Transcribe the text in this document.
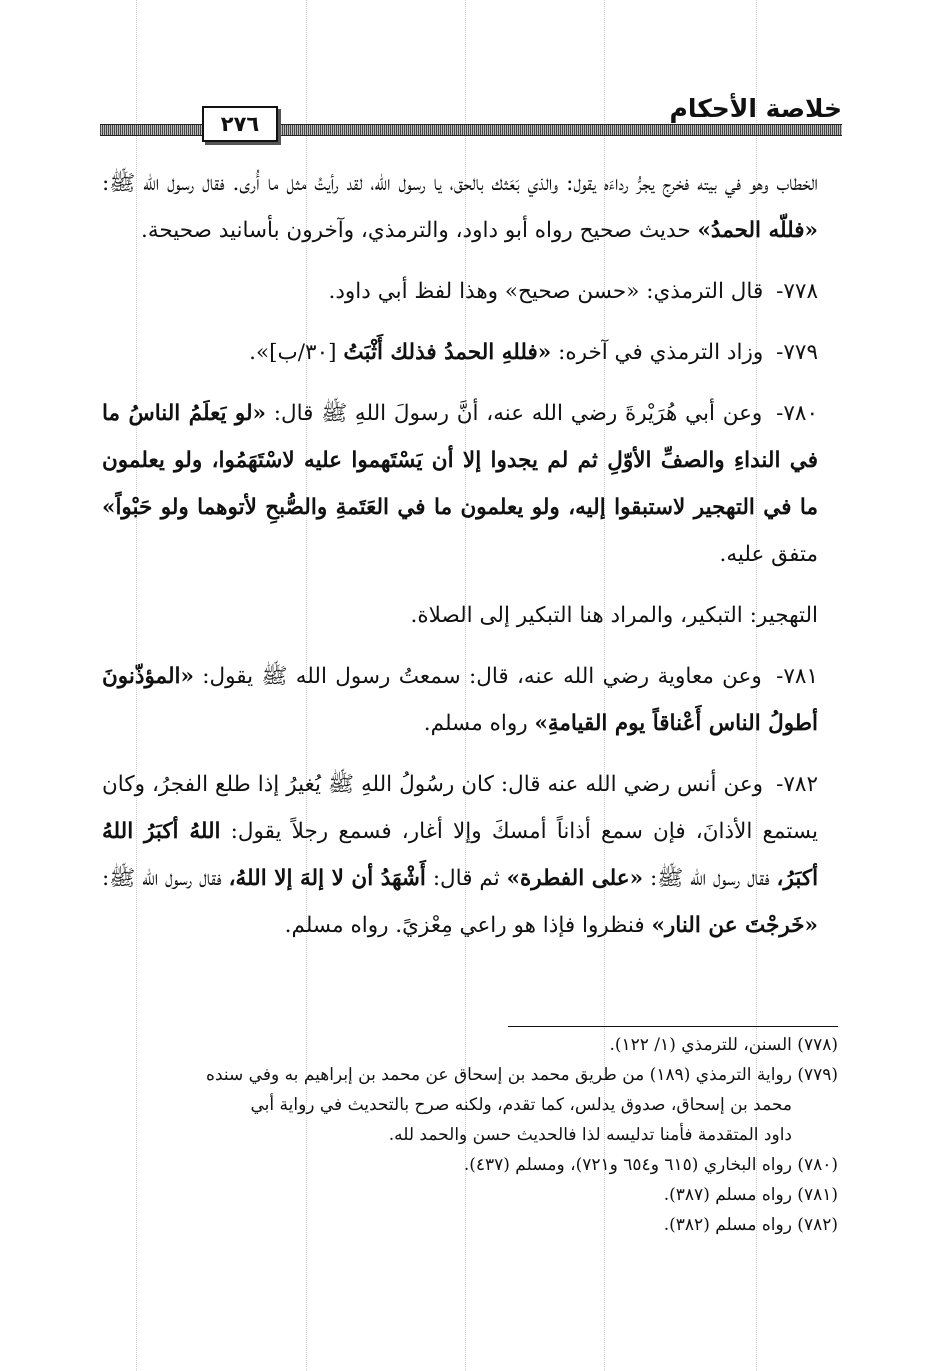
خلاصة الأحكام
٢٧٦

الخطاب وهو في بيته فخرج يجرُّ رداءَه يقول: والذي بَعَثك بالحق، يا رسول الله، لقد رأيتُ مثل ما أُرى. فقال رسول الله ﷺ: «فللّه الحمدُ» حديث صحيح رواه أبو داود، والترمذي، وآخرون بأسانيد صحيحة.

٧٧٨- قال الترمذي: «حسن صحيح» وهذا لفظ أبي داود.

٧٧٩- وزاد الترمذي في آخره: «فللهِ الحمدُ فذلك أَثْبَتُ [٣٠/ب]».

٧٨٠- وعن أبي هُرَيْرةَ رضي الله عنه، أنَّ رسولَ اللهِ ﷺ قال: «لو يَعلَمُ الناسُ ما في النداءِ والصفِّ الأوّلِ ثم لم يجدوا إلا أن يَسْتَهموا عليه لاسْتَهَمُوا، ولو يعلمون ما في التهجير لاستبقوا إليه، ولو يعلمون ما في العَتَمةِ والصُّبحِ لأتوهما ولو حَبْواً» متفق عليه.

التهجير: التبكير، والمراد هنا التبكير إلى الصلاة.

٧٨١- وعن معاوية رضي الله عنه، قال: سمعتُ رسول الله ﷺ يقول: «المؤذّنونَ أطولُ الناس أَعْناقاً يوم القيامةِ» رواه مسلم.

٧٨٢- وعن أنس رضي الله عنه قال: كان رسُولُ اللهِ ﷺ يُغيرُ إذا طلع الفجرُ، وكان يستمع الأذانَ، فإن سمع أذاناً أمسكَ وإلا أغار، فسمع رجلاً يقول: اللهُ أكبَرُ اللهُ أكبَرُ، فقال رسول الله ﷺ: «على الفطرة» ثم قال: أَشْهَدُ أن لا إلهَ إلا اللهُ، فقال رسول الله ﷺ: «خَرجْتَ عن النار» فنظروا فإذا هو راعي مِعْزيً. رواه مسلم.

(٧٧٨) السنن، للترمذي (١/ ١٢٢).

(٧٧٩) رواية الترمذي (١٨٩) من طريق محمد بن إسحاق عن محمد بن إبراهيم به وفي سنده

محمد بن إسحاق، صدوق يدلس، كما تقدم، ولكنه صرح بالتحديث في رواية أبي

داود المتقدمة فأمنا تدليسه لذا فالحديث حسن والحمد لله.

(٧٨٠) رواه البخاري (٦١٥ و٦٥٤ و٧٢١)، ومسلم (٤٣٧).

(٧٨١) رواه مسلم (٣٨٧).

(٧٨٢) رواه مسلم (٣٨٢).
